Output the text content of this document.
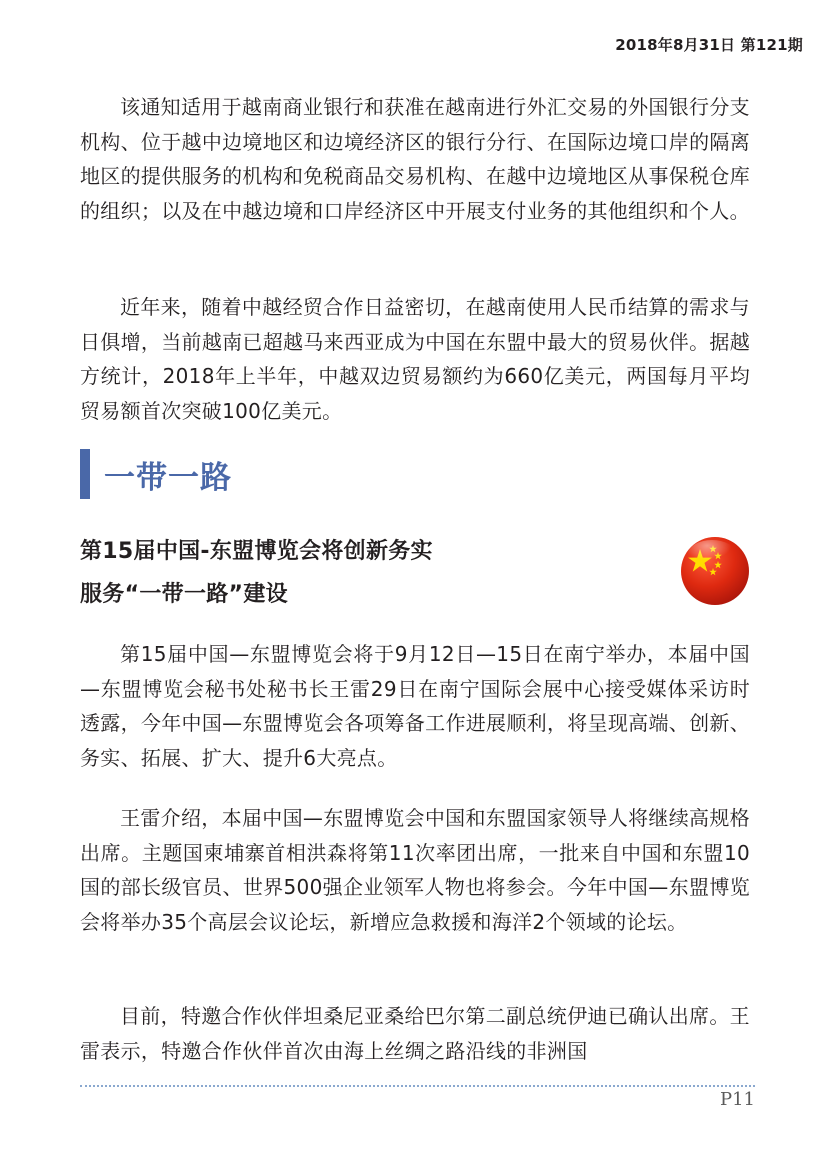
2018年8月31日 第121期

该通知适用于越南商业银行和获准在越南进行外汇交易的外国银行分支机构、位于越中边境地区和边境经济区的银行分行、在国际边境口岸的隔离地区的提供服务的机构和免税商品交易机构、在越中边境地区从事保税仓库的组织；以及在中越边境和口岸经济区中开展支付业务的其他组织和个人。

近年来，随着中越经贸合作日益密切，在越南使用人民币结算的需求与日俱增，当前越南已超越马来西亚成为中国在东盟中最大的贸易伙伴。据越方统计，2018年上半年，中越双边贸易额约为660亿美元，两国每月平均贸易额首次突破100亿美元。

一带一路
第15届中国-东盟博览会将创新务实
服务“一带一路”建设

第15届中国—东盟博览会将于9月12日—15日在南宁举办，本届中国—东盟博览会秘书处秘书长王雷29日在南宁国际会展中心接受媒体采访时透露，今年中国—东盟博览会各项筹备工作进展顺利，将呈现高端、创新、务实、拓展、扩大、提升6大亮点。

王雷介绍，本届中国—东盟博览会中国和东盟国家领导人将继续高规格出席。主题国柬埔寨首相洪森将第11次率团出席，一批来自中国和东盟10国的部长级官员、世界500强企业领军人物也将参会。今年中国—东盟博览会将举办35个高层会议论坛，新增应急救援和海洋2个领域的论坛。

目前，特邀合作伙伴坦桑尼亚桑给巴尔第二副总统伊迪已确认出席。王雷表示，特邀合作伙伴首次由海上丝绸之路沿线的非洲国

P11
